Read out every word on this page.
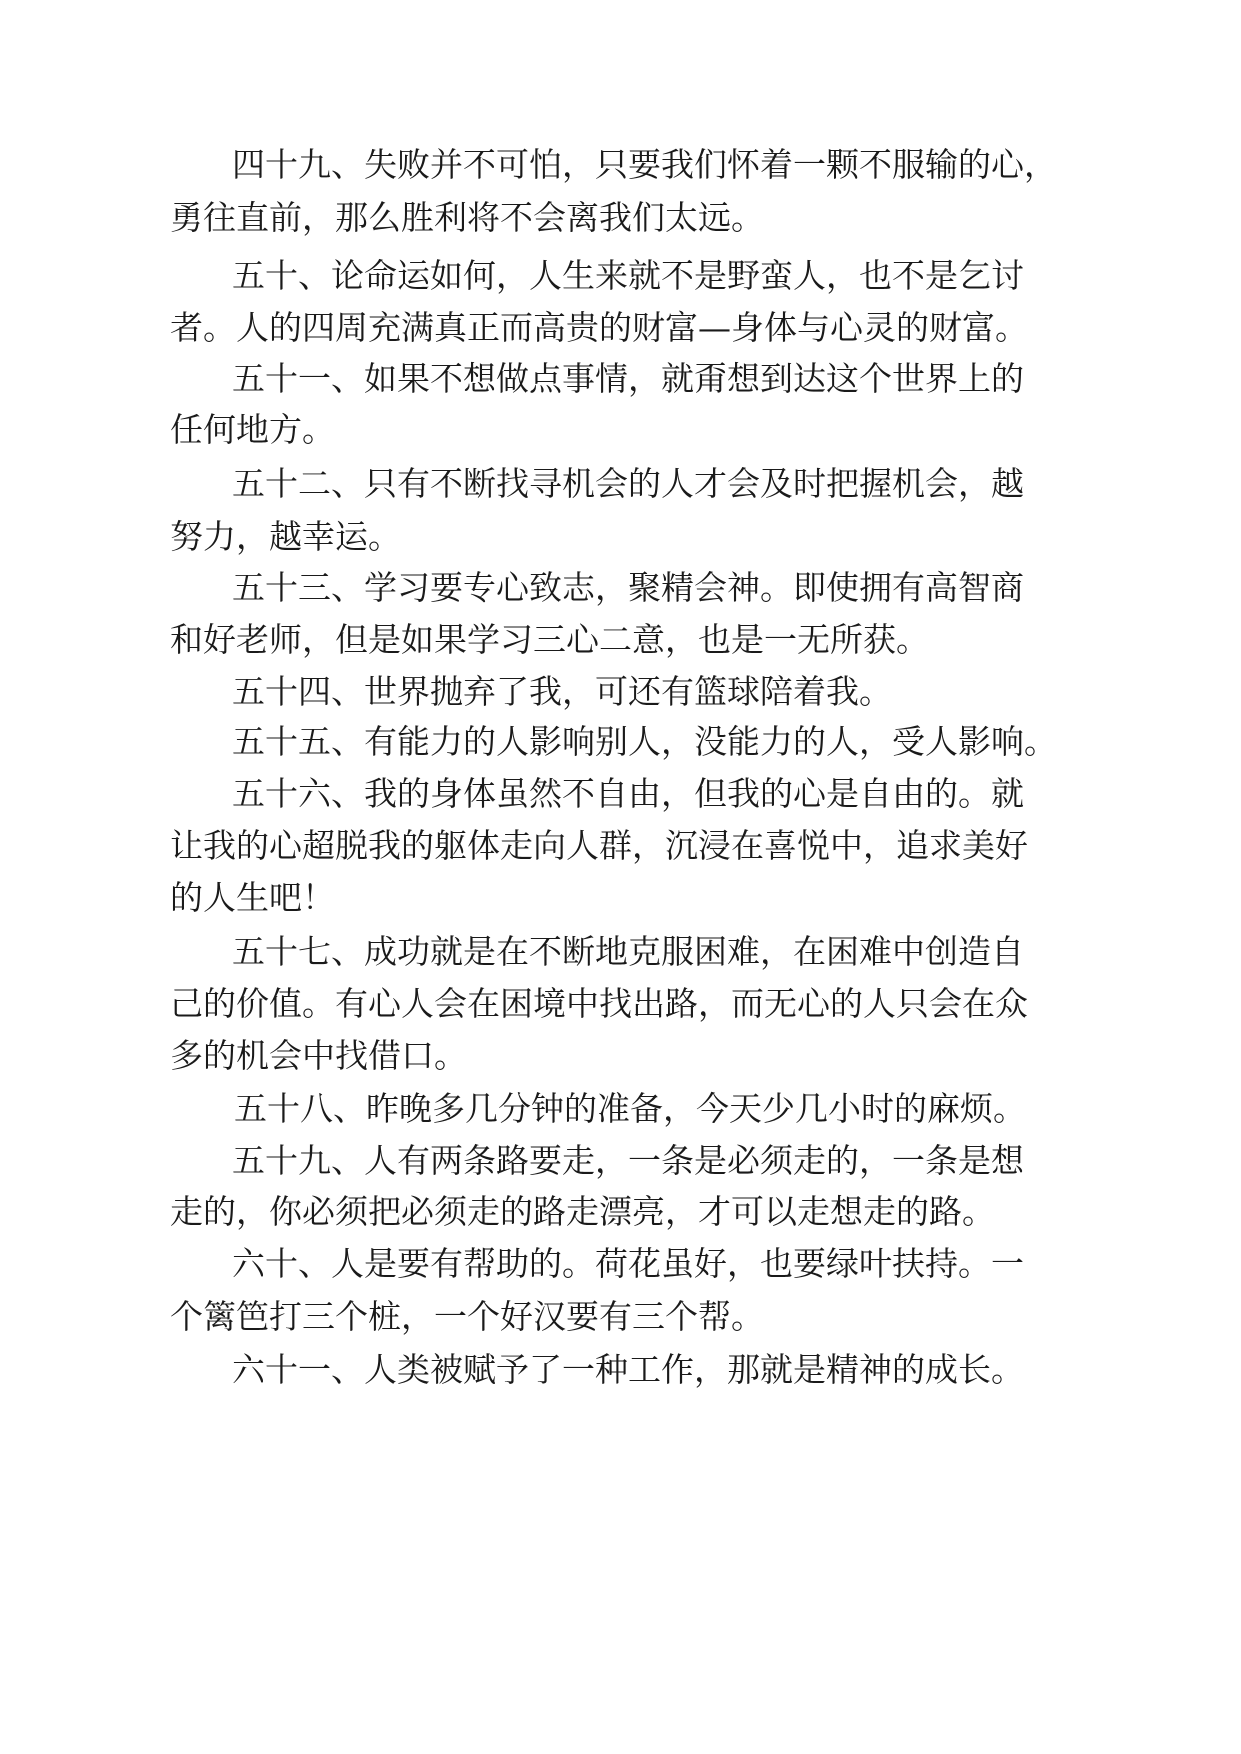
四十九、失败并不可怕，只要我们怀着一颗不服输的心，
勇往直前，那么胜利将不会离我们太远。
五十、论命运如何，人生来就不是野蛮人，也不是乞讨
者。人的四周充满真正而高贵的财富—身体与心灵的财富。
五十一、如果不想做点事情，就甭想到达这个世界上的
任何地方。
五十二、只有不断找寻机会的人才会及时把握机会，越
努力，越幸运。
五十三、学习要专心致志，聚精会神。即使拥有高智商
和好老师，但是如果学习三心二意，也是一无所获。
五十四、世界抛弃了我，可还有篮球陪着我。
五十五、有能力的人影响别人，没能力的人，受人影响。
五十六、我的身体虽然不自由，但我的心是自由的。就
让我的心超脱我的躯体走向人群，沉浸在喜悦中，追求美好
的人生吧！
五十七、成功就是在不断地克服困难，在困难中创造自
己的价值。有心人会在困境中找出路，而无心的人只会在众
多的机会中找借口。
五十八、昨晚多几分钟的准备，今天少几小时的麻烦。
五十九、人有两条路要走，一条是必须走的，一条是想
走的，你必须把必须走的路走漂亮，才可以走想走的路。
六十、人是要有帮助的。荷花虽好，也要绿叶扶持。一
个篱笆打三个桩，一个好汉要有三个帮。
六十一、人类被赋予了一种工作，那就是精神的成长。
